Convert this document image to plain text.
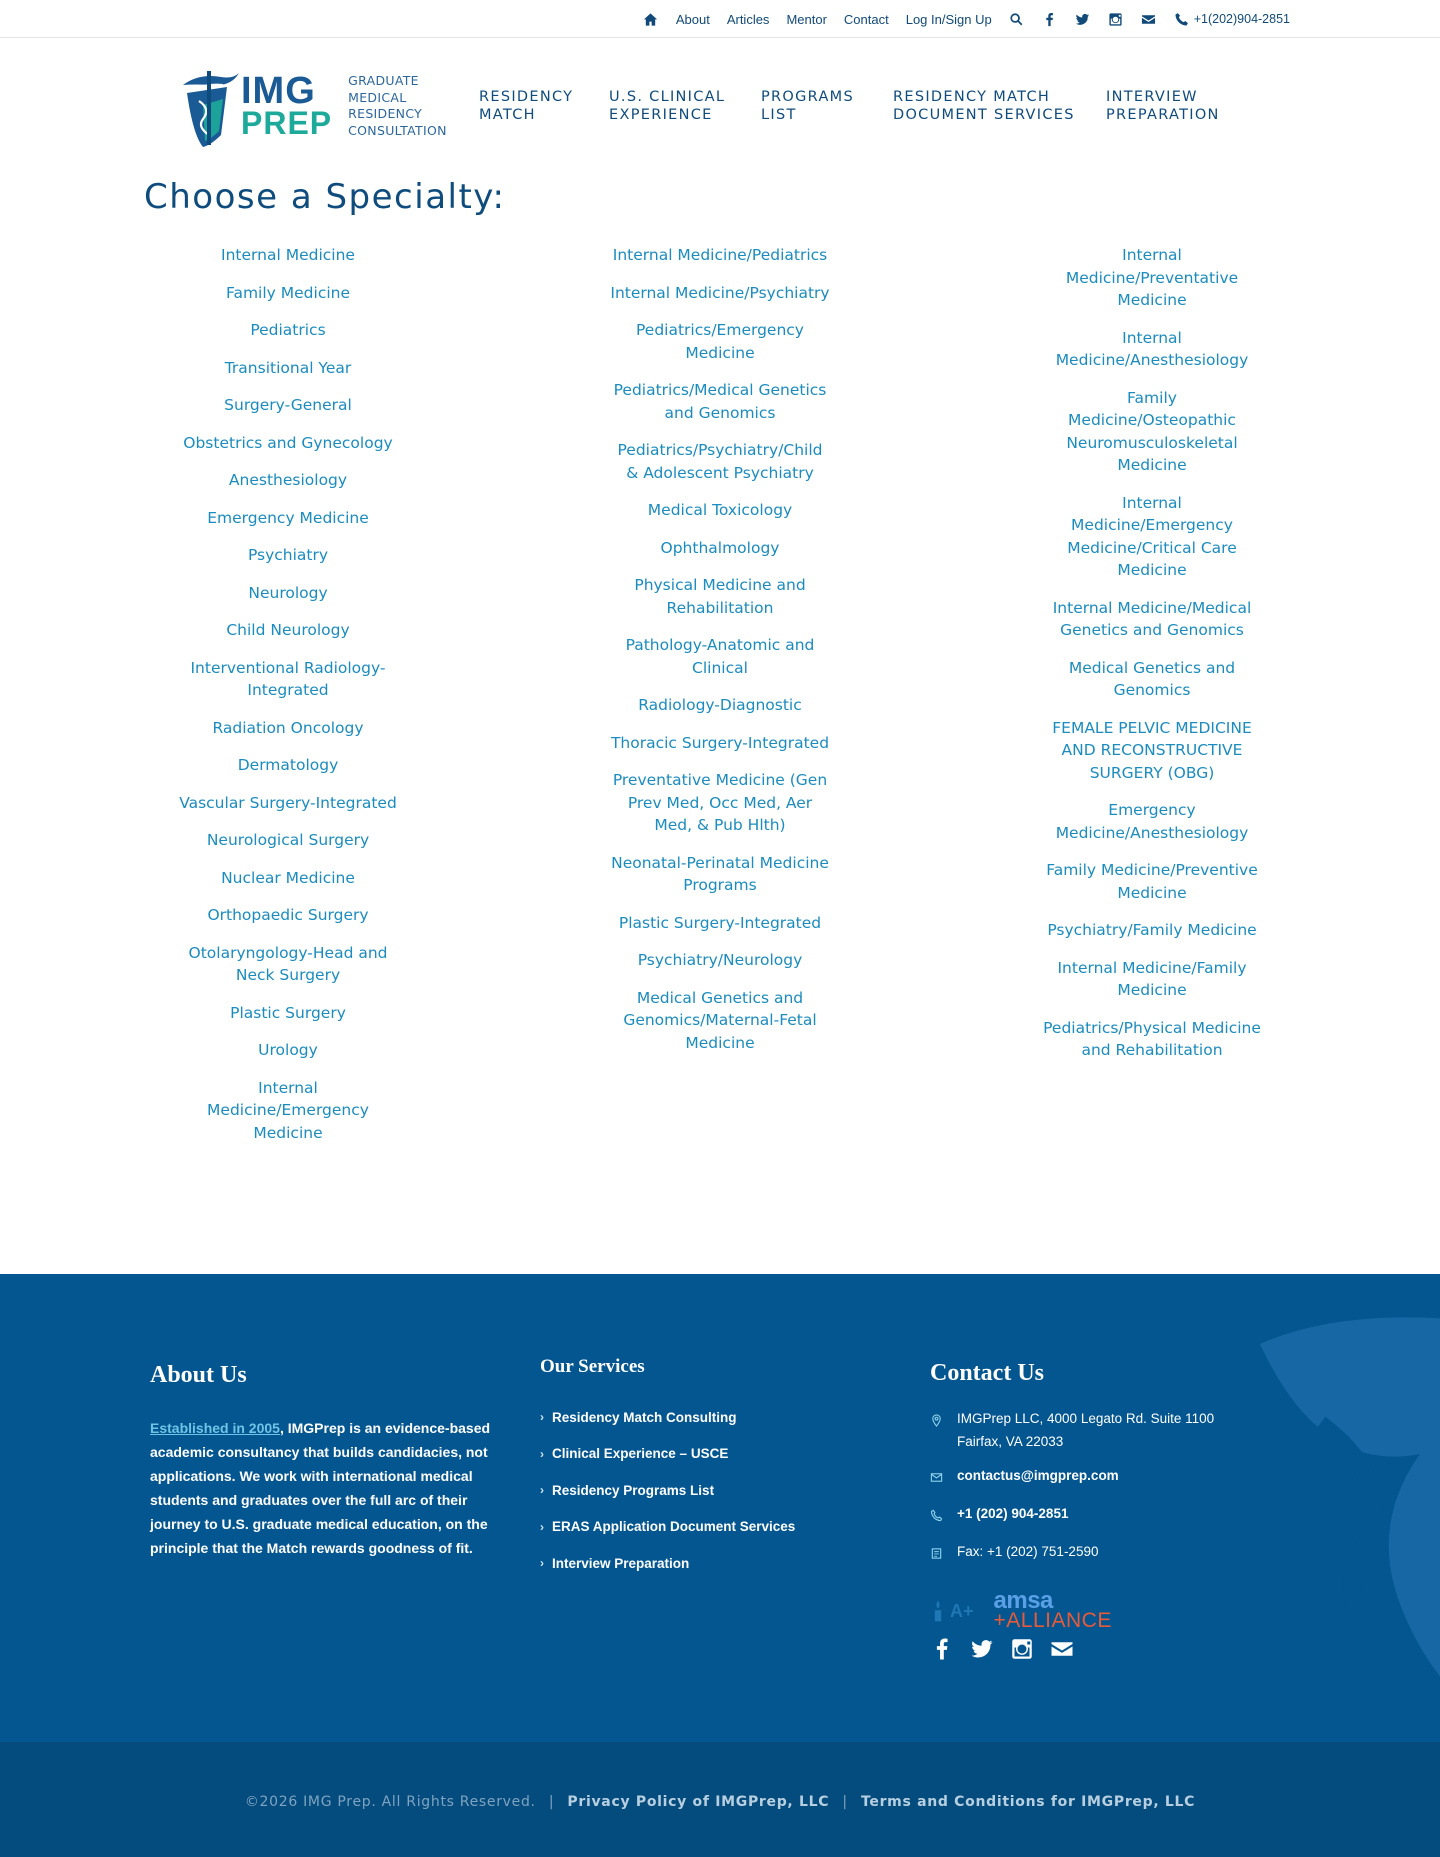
About Articles Mentor Contact Log In/Sign Up	+1(202)904-2851
IMG
PREP
GRADUATE
MEDICAL
RESIDENCY
CONSULTATION
RESIDENCY
MATCH
U.S. CLINICAL
EXPERIENCE
PROGRAMS
LIST
RESIDENCY MATCH
DOCUMENT SERVICES
INTERVIEW
PREPARATION
Choose a Specialty:
Internal Medicine
Family Medicine
Pediatrics
Transitional Year
Surgery-General
Obstetrics and Gynecology
Anesthesiology
Emergency Medicine
Psychiatry
Neurology
Child Neurology
Interventional Radiology-Integrated
Radiation Oncology
Dermatology
Vascular Surgery-Integrated
Neurological Surgery
Nuclear Medicine
Orthopaedic Surgery
Otolaryngology-Head and Neck Surgery
Plastic Surgery
Urology
Internal Medicine/Emergency Medicine
Internal Medicine/Pediatrics
Internal Medicine/Psychiatry
Pediatrics/Emergency Medicine
Pediatrics/Medical Genetics and Genomics
Pediatrics/Psychiatry/Child & Adolescent Psychiatry
Medical Toxicology
Ophthalmology
Physical Medicine and Rehabilitation
Pathology-Anatomic and Clinical
Radiology-Diagnostic
Thoracic Surgery-Integrated
Preventative Medicine (Gen Prev Med, Occ Med, Aer Med, & Pub Hlth)
Neonatal-Perinatal Medicine Programs
Plastic Surgery-Integrated
Psychiatry/Neurology
Medical Genetics and Genomics/Maternal-Fetal Medicine
Internal Medicine/Preventative Medicine
Internal Medicine/Anesthesiology
Family Medicine/Osteopathic Neuromusculoskeletal Medicine
Internal Medicine/Emergency Medicine/Critical Care Medicine
Internal Medicine/Medical Genetics and Genomics
Medical Genetics and Genomics
FEMALE PELVIC MEDICINE AND RECONSTRUCTIVE SURGERY (OBG)
Emergency Medicine/Anesthesiology
Family Medicine/Preventive Medicine
Psychiatry/Family Medicine
Internal Medicine/Family Medicine
Pediatrics/Physical Medicine and Rehabilitation
About Us

Established in 2005, IMGPrep is an evidence-based academic consultancy that builds candidacies, not applications. We work with international medical students and graduates over the full arc of their journey to U.S. graduate medical education, on the principle that the Match rewards goodness of fit.

Our Services
› Residency Match Consulting
› Clinical Experience – USCE
› Residency Programs List
› ERAS Application Document Services
› Interview Preparation
Contact Us
IMGPrep LLC, 4000 Legato Rd. Suite 1100
Fairfax, VA 22033
contactus@imgprep.com
+1 (202) 904-2851
Fax: +1 (202) 751-2590
A+ amsa
+ALLIANCE
©2026 IMG Prep. All Rights Reserved. | Privacy Policy of IMGPrep, LLC | Terms and Conditions for IMGPrep, LLC
